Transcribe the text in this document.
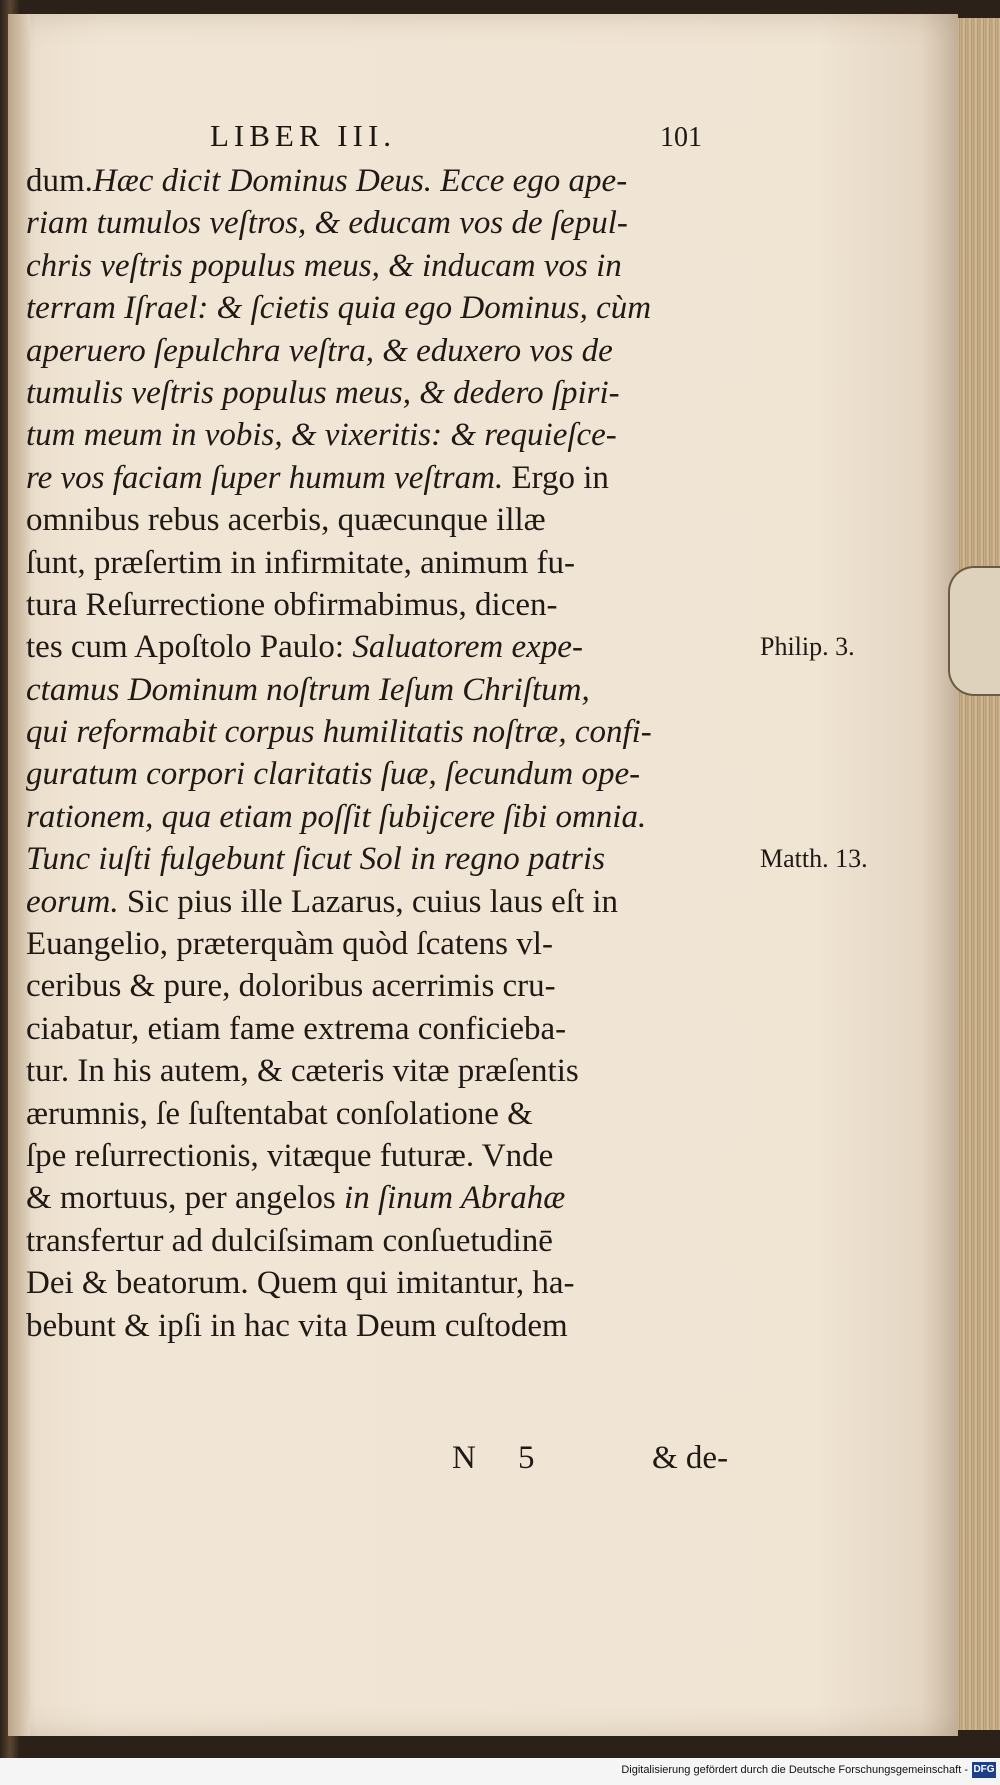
LIBER III.	101
dum.Hæc dicit Dominus Deus. Ecce ego ape-
riam tumulos veſtros, & educam vos de ſepul-
chris veſtris populus meus, & inducam vos in
terram Iſrael: & ſcietis quia ego Dominus, cùm
aperuero ſepulchra veſtra, & eduxero vos de
tumulis veſtris populus meus, & dedero ſpiri-
tum meum in vobis, & vixeritis: & requieſce-
re vos faciam ſuper humum veſtram. Ergo in
omnibus rebus acerbis, quæcunque illæ
ſunt, præſertim in infirmitate, animum fu-
tura Reſurrectione obfirmabimus, dicen-
tes cum Apoſtolo Paulo: Saluatorem expe-
ctamus Dominum noſtrum Ieſum Chriſtum,
qui reformabit corpus humilitatis noſtræ, confi-
guratum corpori claritatis ſuæ, ſecundum ope-
rationem, qua etiam poſſit ſubijcere ſibi omnia.
Tunc iuſti fulgebunt ſicut Sol in regno patris
eorum. Sic pius ille Lazarus, cuius laus eſt in
Euangelio, præterquàm quòd ſcatens vl-
ceribus & pure, doloribus acerrimis cru-
ciabatur, etiam fame extrema conficieba-
tur. In his autem, & cæteris vitæ præſentis
ærumnis, ſe ſuſtentabat conſolatione &
ſpe reſurrectionis, vitæque futuræ. Vnde
& mortuus, per angelos in ſinum Abrahæ
transfertur ad dulciſsimam conſuetudinē
Dei & beatorum. Quem qui imitantur, ha-
bebunt & ipſi in hac vita Deum cuſtodem
Philip. 3.
Matth. 13.
N 5	& de-
Digitalisierung gefördert durch die Deutsche Forschungsgemeinschaft - DFG
